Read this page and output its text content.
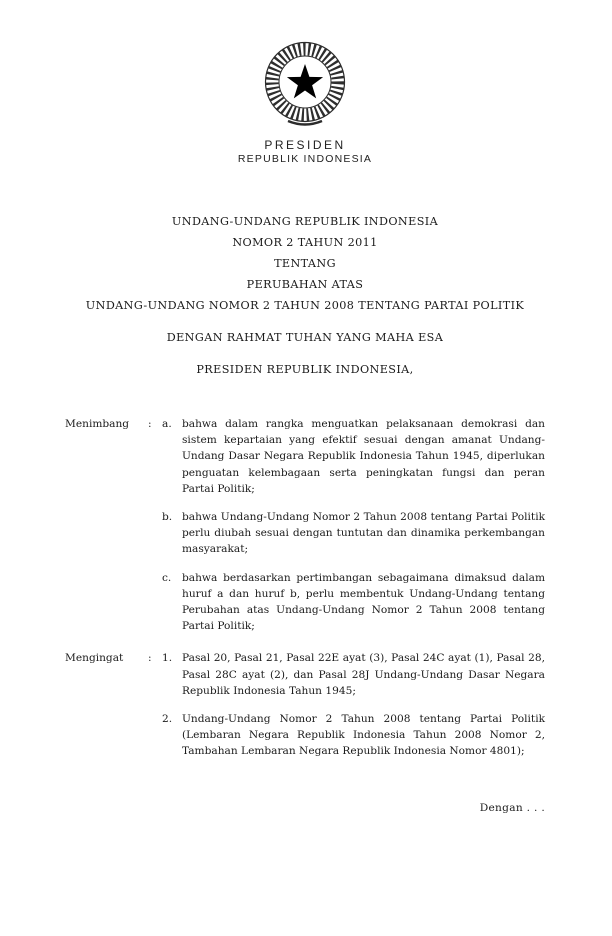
PRESIDEN
REPUBLIK INDONESIA
UNDANG-UNDANG REPUBLIK INDONESIA
NOMOR 2 TAHUN 2011
TENTANG
PERUBAHAN ATAS
UNDANG-UNDANG NOMOR 2 TAHUN 2008 TENTANG PARTAI POLITIK
DENGAN RAHMAT TUHAN YANG MAHA ESA
PRESIDEN REPUBLIK INDONESIA,
Menimbang	: a. bahwa dalam rangka menguatkan pelaksanaan demokrasi dan sistem kepartaian yang efektif sesuai dengan amanat Undang-Undang Dasar Negara Republik Indonesia Tahun 1945, diperlukan penguatan kelembagaan serta peningkatan fungsi dan peran Partai Politik;
b. bahwa Undang-Undang Nomor 2 Tahun 2008 tentang Partai Politik perlu diubah sesuai dengan tuntutan dan dinamika perkembangan masyarakat;
c.	bahwa berdasarkan pertimbangan sebagaimana dimaksud dalam huruf a dan huruf b, perlu membentuk Undang-Undang tentang Perubahan atas Undang-Undang Nomor 2 Tahun 2008 tentang Partai Politik;
Mengingat	: 1. Pasal 20, Pasal 21, Pasal 22E ayat (3), Pasal 24C ayat (1), Pasal 28, Pasal 28C ayat (2), dan Pasal 28J Undang-Undang Dasar Negara Republik Indonesia Tahun 1945;
2. Undang-Undang Nomor 2 Tahun 2008 tentang Partai Politik (Lembaran Negara Republik Indonesia Tahun 2008 Nomor 2, Tambahan Lembaran Negara Republik Indonesia Nomor 4801);
Dengan . . .
